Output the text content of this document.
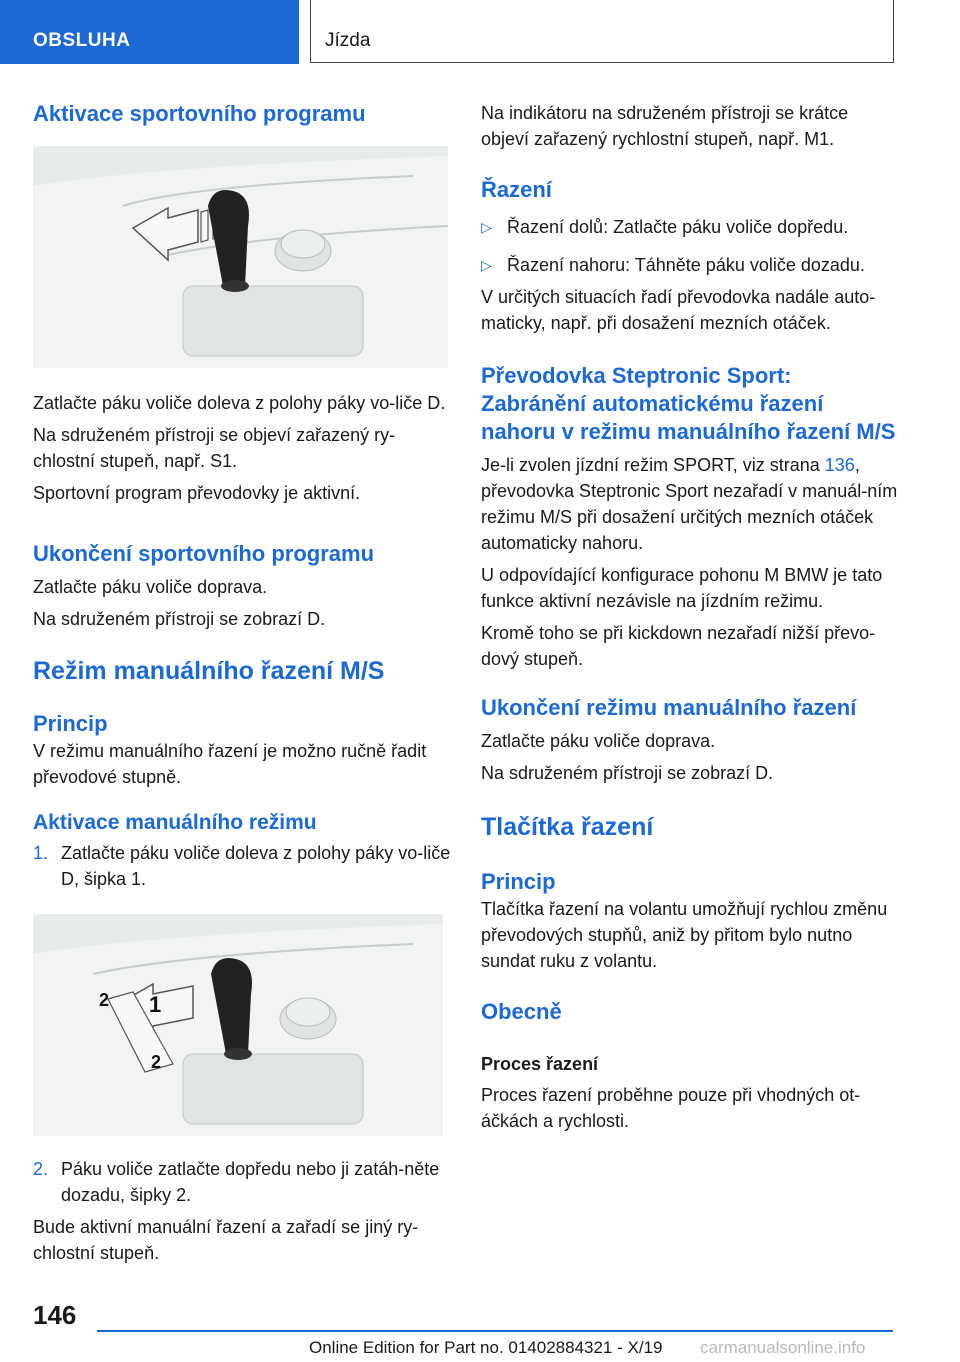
OBSLUHA	Jízda
Aktivace sportovního programu

Zatlačte páku voliče doleva z polohy páky vo-liče D.

Na sdruženém přístroji se objeví zařazený ry-chlostní stupeň, např. S1.

Sportovní program převodovky je aktivní.

Ukončení sportovního programu

Zatlačte páku voliče doprava.

Na sdruženém přístroji se zobrazí D.

Režim manuálního řazení M/S
Princip

V režimu manuálního řazení je možno ručně řadit převodové stupně.

Aktivace manuálního režimu
1. Zatlačte páku voliče doleva z polohy páky vo-liče D, šipka 1.
1
2
2
2. Páku voliče zatlačte dopředu nebo ji zatáh-něte dozadu, šipky 2.

Bude aktivní manuální řazení a zařadí se jiný ry-chlostní stupeň.

Na indikátoru na sdruženém přístroji se krátce objeví zařazený rychlostní stupeň, např. M1.

Řazení
▷ Řazení dolů: Zatlačte páku voliče dopředu.
▷ Řazení nahoru: Táhněte páku voliče dozadu.

V určitých situacích řadí převodovka nadále auto-maticky, např. při dosažení mezních otáček.

Převodovka Steptronic Sport: Zabránění automatickému řazení nahoru v režimu manuálního řazení M/S

Je-li zvolen jízdní režim SPORT, viz strana 136, převodovka Steptronic Sport nezařadí v manuál-ním režimu M/S při dosažení určitých mezních otáček automaticky nahoru.

U odpovídající konfigurace pohonu M BMW je tato funkce aktivní nezávisle na jízdním režimu.

Kromě toho se při kickdown nezařadí nižší převo-dový stupeň.

Ukončení režimu manuálního řazení

Zatlačte páku voliče doprava.

Na sdruženém přístroji se zobrazí D.

Tlačítka řazení
Princip

Tlačítka řazení na volantu umožňují rychlou změnu převodových stupňů, aniž by přitom bylo nutno sundat ruku z volantu.

Obecně
Proces řazení

Proces řazení proběhne pouze při vhodných ot-áčkách a rychlosti.

146
Online Edition for Part no. 01402884321 - X/19 carmanualsonline.info
